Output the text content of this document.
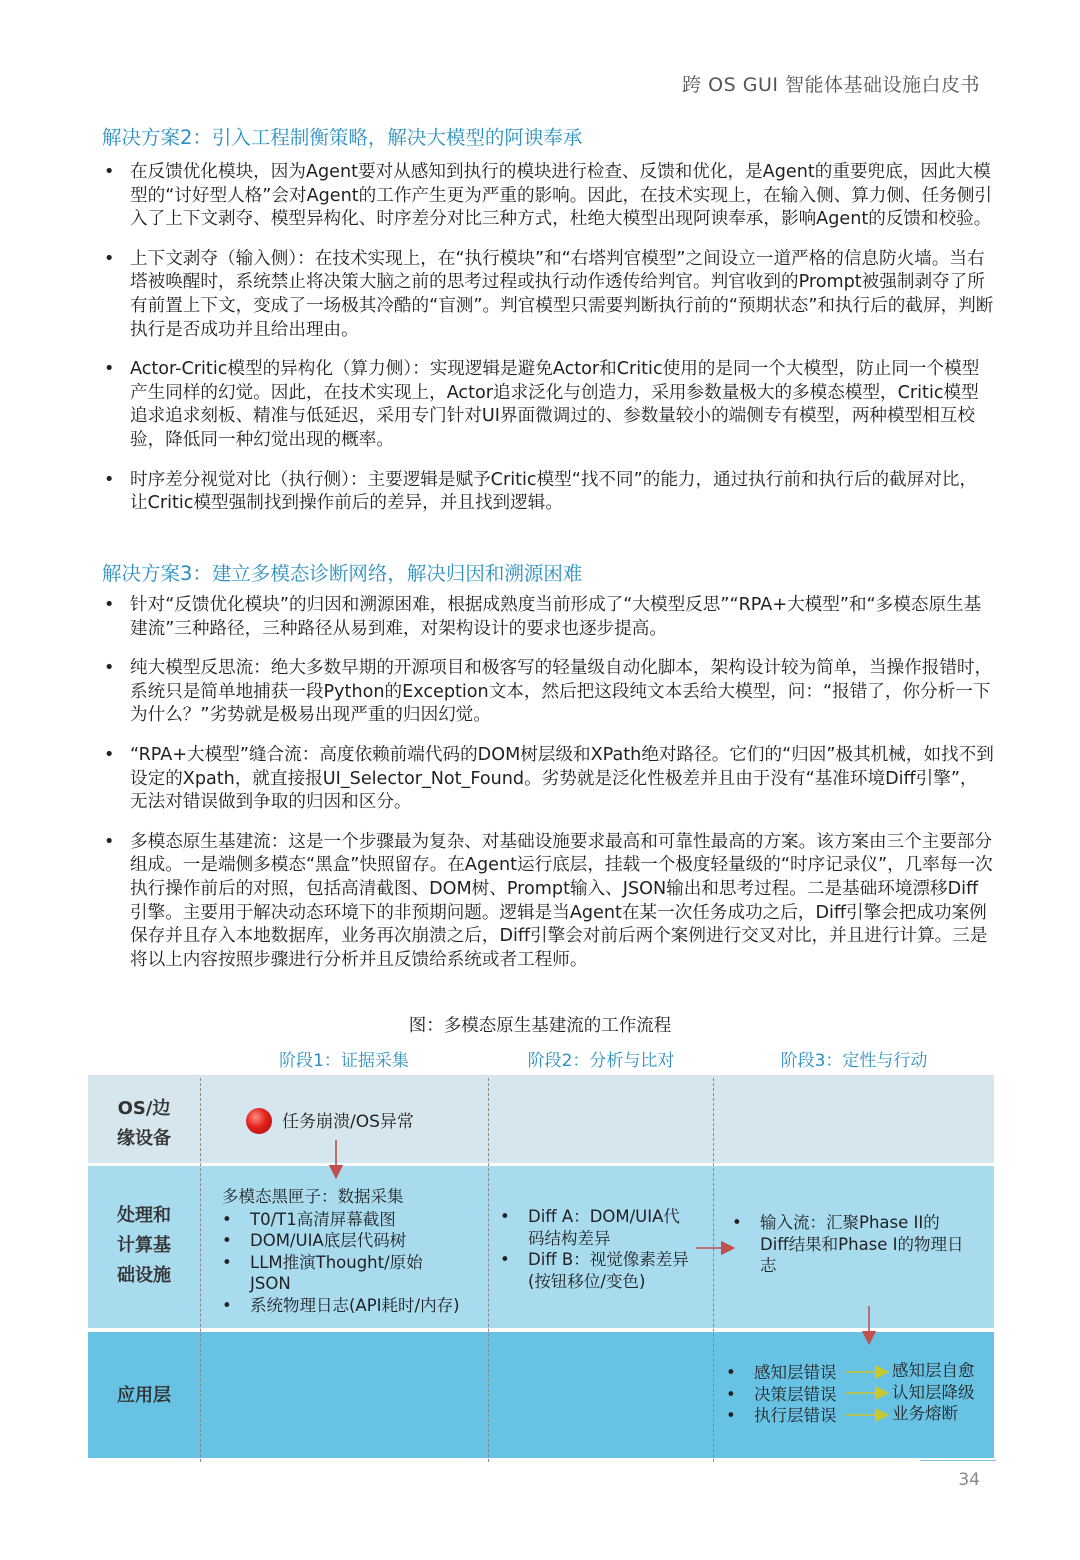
跨 OS GUI 智能体基础设施白皮书
解决方案2：引入工程制衡策略，解决大模型的阿谀奉承
• 在反馈优化模块，因为Agent要对从感知到执行的模块进行检查、反馈和优化，是Agent的重要兜底，因此大模型的“讨好型人格”会对Agent的工作产生更为严重的影响。因此，在技术实现上，在输入侧、算力侧、任务侧引入了上下文剥夺、模型异构化、时序差分对比三种方式，杜绝大模型出现阿谀奉承，影响Agent的反馈和校验。
• 上下文剥夺（输入侧）：在技术实现上，在“执行模块”和“右塔判官模型”之间设立一道严格的信息防火墙。当右塔被唤醒时，系统禁止将决策大脑之前的思考过程或执行动作透传给判官。判官收到的Prompt被强制剥夺了所有前置上下文，变成了一场极其冷酷的“盲测”。判官模型只需要判断执行前的“预期状态”和执行后的截屏，判断执行是否成功并且给出理由。
• Actor-Critic模型的异构化（算力侧）：实现逻辑是避免Actor和Critic使用的是同一个大模型，防止同一个模型产生同样的幻觉。因此，在技术实现上，Actor追求泛化与创造力，采用参数量极大的多模态模型，Critic模型追求追求刻板、精准与低延迟，采用专门针对UI界面微调过的、参数量较小的端侧专有模型，两种模型相互校验，降低同一种幻觉出现的概率。
• 时序差分视觉对比（执行侧）：主要逻辑是赋予Critic模型“找不同”的能力，通过执行前和执行后的截屏对比，让Critic模型强制找到操作前后的差异，并且找到逻辑。
解决方案3：建立多模态诊断网络，解决归因和溯源困难
• 针对“反馈优化模块”的归因和溯源困难，根据成熟度当前形成了“大模型反思”“RPA+大模型”和“多模态原生基建流”三种路径，三种路径从易到难，对架构设计的要求也逐步提高。
• 纯大模型反思流：绝大多数早期的开源项目和极客写的轻量级自动化脚本，架构设计较为简单，当操作报错时，系统只是简单地捕获一段Python的Exception文本，然后把这段纯文本丢给大模型，问：“报错了，你分析一下为什么？”劣势就是极易出现严重的归因幻觉。
• “RPA+大模型”缝合流：高度依赖前端代码的DOM树层级和XPath绝对路径。它们的“归因”极其机械，如找不到设定的Xpath，就直接报UI_Selector_Not_Found。劣势就是泛化性极差并且由于没有“基准环境Diff引擎”，无法对错误做到争取的归因和区分。
• 多模态原生基建流：这是一个步骤最为复杂、对基础设施要求最高和可靠性最高的方案。该方案由三个主要部分组成。一是端侧多模态“黑盒”快照留存。在Agent运行底层，挂载一个极度轻量级的“时序记录仪”，几率每一次执行操作前后的对照，包括高清截图、DOM树、Prompt输入、JSON输出和思考过程。二是基础环境漂移Diff引擎。主要用于解决动态环境下的非预期问题。逻辑是当Agent在某一次任务成功之后，Diff引擎会把成功案例保存并且存入本地数据库，业务再次崩溃之后，Diff引擎会对前后两个案例进行交叉对比，并且进行计算。三是将以上内容按照步骤进行分析并且反馈给系统或者工程师。
图：多模态原生基建流的工作流程
阶段1：证据采集	阶段2：分析与比对	阶段3：定性与行动
OS/边
缘设备
处理和
计算基
础设施
应用层
任务崩溃/OS异常
多模态黑匣子：数据采集
• T0/T1高清屏幕截图
• DOM/UIA底层代码树
• LLM推演Thought/原始JSON
• 系统物理日志(API耗时/内存)
• Diff A：DOM/UIA代码结构差异
• Diff B：视觉像素差异(按钮移位/变色)
• 输入流：汇聚Phase II的Diff结果和Phase I的物理日志
• 感知层错误
• 决策层错误
• 执行层错误
感知层自愈
认知层降级
业务熔断
34
